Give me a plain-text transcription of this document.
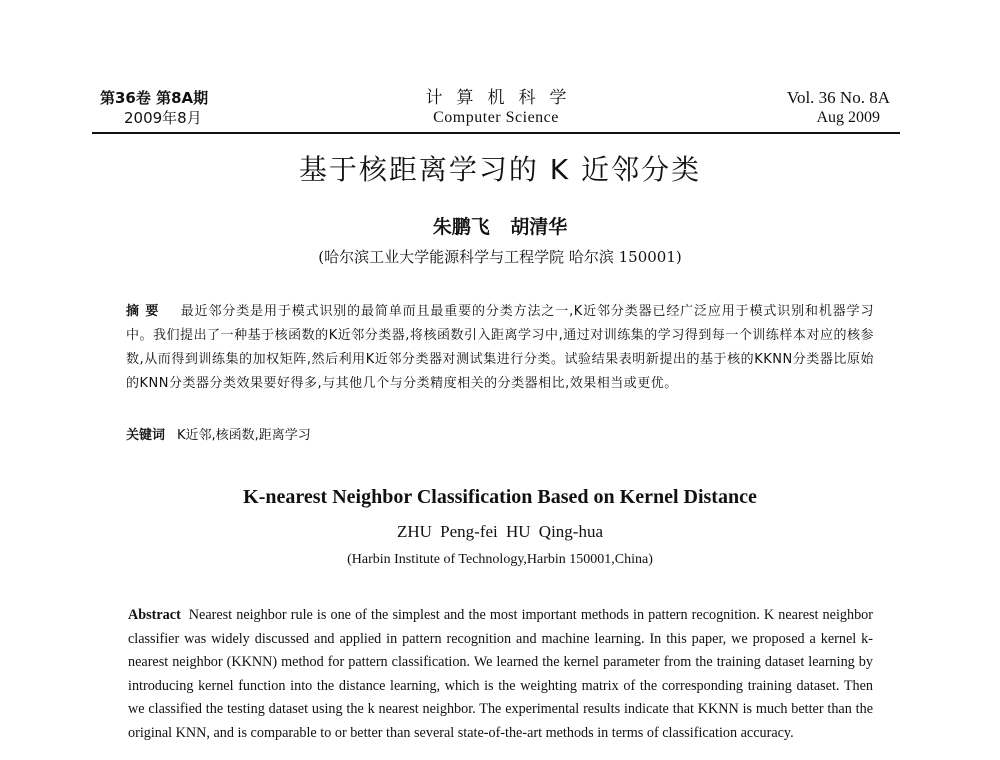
第36卷 第8A期
2009年8月
计算机科学
Computer Science
Vol. 36 No. 8A
Aug 2009
基于核距离学习的 K 近邻分类
朱鹏飞 胡清华
(哈尔滨工业大学能源科学与工程学院 哈尔滨 150001)
摘要 最近邻分类是用于模式识别的最简单而且最重要的分类方法之一,K近邻分类器已经广泛应用于模式识别和机器学习中。我们提出了一种基于核函数的K近邻分类器,将核函数引入距离学习中,通过对训练集的学习得到每一个训练样本对应的核参数,从而得到训练集的加权矩阵,然后利用K近邻分类器对测试集进行分类。试验结果表明新提出的基于核的KKNN分类器比原始的KNN分类器分类效果要好得多,与其他几个与分类精度相关的分类器相比,效果相当或更优。
关键词 K近邻,核函数,距离学习
K-nearest Neighbor Classification Based on Kernel Distance
ZHU Peng-fei HU Qing-hua
(Harbin Institute of Technology,Harbin 150001,China)
Abstract Nearest neighbor rule is one of the simplest and the most important methods in pattern recognition. K nearest neighbor classifier was widely discussed and applied in pattern recognition and machine learning. In this paper, we proposed a kernel k-nearest neighbor (KKNN) method for pattern classification. We learned the kernel parameter from the training dataset learning by introducing kernel function into the distance learning, which is the weighting matrix of the corresponding training dataset. Then we classified the testing dataset using the k nearest neighbor. The experimental results indicate that KKNN is much better than the original KNN, and is comparable to or better than several state-of-the-art methods in terms of classification accuracy.
